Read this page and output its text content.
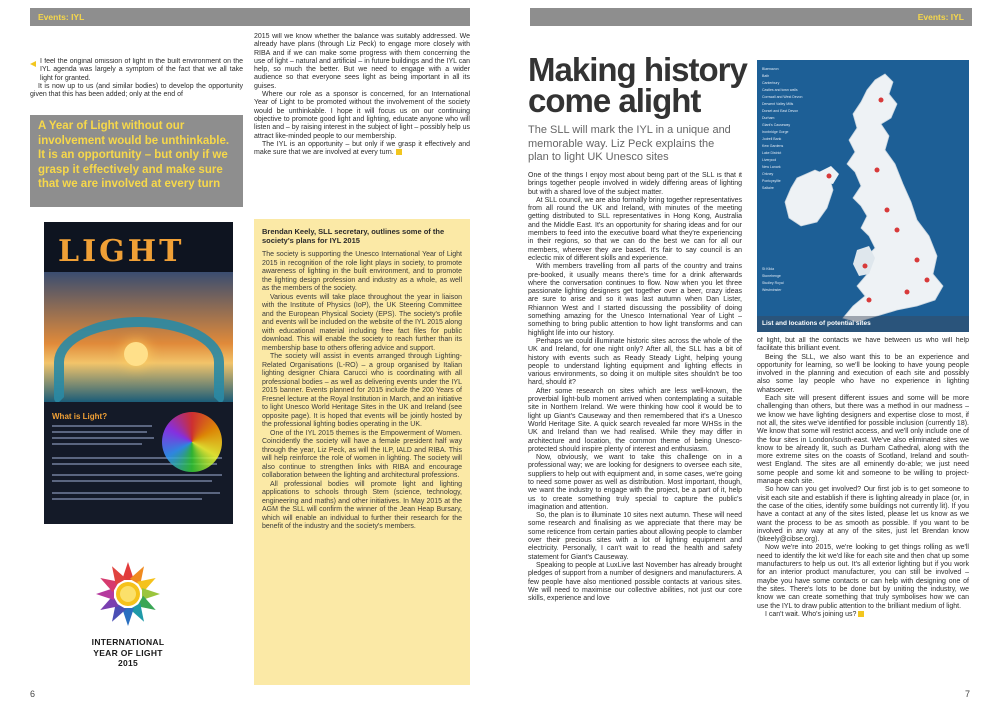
Events: IYL

I feel the original omission of light in the built environment on the IYL agenda was largely a symptom of the fact that we all take light for granted.

It is now up to us (and similar bodies) to develop the opportunity given that this has been added; only at the end of

A Year of Light without our involvement would be unthinkable. It is an opportunity – but only if we grasp it effectively and make sure that we are involved at every turn

2015 will we know whether the balance was suitably addressed. We already have plans (through Liz Peck) to engage more closely with RIBA and if we can make some progress with them concerning the use of light – natural and artificial – in future buildings and the IYL can help, so much the better. But we need to engage with a wider audience so that everyone sees light as being important in all its guises.

Where our role as a sponsor is concerned, for an International Year of Light to be promoted without the involvement of the society would be unthinkable. I hope it will focus us on our continuing objective to promote good light and lighting, educate anyone who will listen and – by raising interest in the subject of light – possibly help us attract like-minded people to our membership.

The IYL is an opportunity – but only if we grasp it effectively and make sure that we are involved at every turn.

LIGHT
What is Light?
INTERNATIONAL
YEAR OF LIGHT
2015
Brendan Keely, SLL secretary, outlines some of the society's plans for IYL 2015

The society is supporting the Unesco International Year of Light 2015 in recognition of the role light plays in society, to promote awareness of lighting in the built environment, and to promote the lighting design profession and industry as a whole, as well as the members of the society.

Various events will take place throughout the year in liaison with the Institute of Physics (IoP), the UK Steering Committee and the European Physical Society (EPS). The society's profile and events will be included on the website of the IYL 2015 along with educational material including free fact files for public download. This will enable the society to reach further than its membership base to others offering advice and support.

The society will assist in events arranged through Lighting-Related Organisations (L-RO) – a group organised by Italian lighting designer Chiara Carucci who is coordinating with all professional bodies – as well as delivering events under the IYL 2015 banner. Events planned for 2015 include the 200 Years of Fresnel lecture at the Royal Institution in March, and an initiative to light Unesco World Heritage Sites in the UK and Ireland (see opposite page). It is hoped that events will be jointly hosted by the professional lighting bodies operating in the UK.

One of the IYL 2015 themes is the Empowerment of Women. Coincidently the society will have a female president half way through the year, Liz Peck, as will the ILP, IALD and RIBA. This will help reinforce the role of women in lighting. The society will also continue to strengthen links with RIBA and encourage collaboration between the lighting and architectural professions.

All professional bodies will promote light and lighting applications to schools through Stem (science, technology, engineering and maths) and other initiatives. In May 2015 at the AGM the SLL will confirm the winner of the Jean Heap Bursary, which will enable an individual to further their research for the benefit of the industry and the society's members.

6
Events: IYL
7
Making history come alight
The SLL will mark the IYL in a unique and memorable way. Liz Peck explains the plan to light UK Unesco sites

One of the things I enjoy most about being part of the SLL is that it brings together people involved in widely differing areas of lighting but with a shared love of the subject matter.

At SLL council, we are also formally bring together representatives from all round the UK and Ireland, with minutes of the meeting getting distributed to SLL representatives in Hong Kong, Australia and the Middle East. It's an opportunity for sharing ideas and for our members to feed into the executive board what they're experiencing in their regions, so that we can do the best we can for all our members, wherever they are based. It's fair to say council is an eclectic mix of different skills and experience.

With members travelling from all parts of the country and trains pre-booked, it usually means there's time for a drink afterwards where the conversation continues to flow. Now when you let three passionate lighting designers get together over a beer, crazy ideas are sure to arise and so it was last autumn when Dan Lister, Rhiannon West and I started discussing the possibility of doing something amazing for the Unesco International Year of Light – something to bring public attention to how light transforms and can highlight life into our history.

Perhaps we could illuminate historic sites across the whole of the UK and Ireland, for one night only? After all, the SLL has a bit of history with events such as Ready Steady Light, helping young people to understand lighting equipment and lighting effects in various environments, so doing it on multiple sites shouldn't be too hard, should it?

After some research on sites which are less well-known, the proverbial light-bulb moment arrived when contemplating a suitable site in Northern Ireland. We were thinking how cool it would be to light up Giant's Causeway and then remembered that it's a Unesco World Heritage Site. A quick search revealed far more WHSs in the UK and Ireland than we had realised. While they may differ in architecture and location, the common theme of being Unesco-protected should inspire plenty of interest and enthusiasm.

Now, obviously, we want to take this challenge on in a professional way; we are looking for designers to oversee each site, suppliers to help out with equipment and, in some cases, we're going to need some power as well as distribution. Most important, though, we want the industry to engage with the project, be a part of it, help us to create something truly special to capture the public's imagination and attention.

So, the plan is to illuminate 10 sites next autumn. These will need some research and finalising as we appreciate that there may be some reticence from certain parties about allowing people to clamber over their precious sites with a lot of lighting equipment and electricity. Personally, I can't wait to read the health and safety statement for Giant's Causeway.

Speaking to people at LuxLive last November has already brought pledges of support from a number of designers and manufacturers. A few people have also mentioned possible contacts at various sites. We will need to maximise our collective abilities, not just our core skills, experience and love

Blaenavon
Bath
Canterbury
Castles and town walls
Cornwall and West Devon
Derwent Valley Mills
Dorset and East Devon
Durham
Giant's Causeway
Ironbridge Gorge
Jodrell Bank
Kew Gardens
Lake District
Liverpool
New Lanark
Orkney
Pontcysyllte
Saltaire
St Kilda
Stonehenge
Studley Royal
Westminster
List and locations of potential sites

of light, but all the contacts we have between us who will help facilitate this brilliant event.

Being the SLL, we also want this to be an experience and opportunity for learning, so we'll be looking to have young people involved in the planning and execution of each site and possibly also some lay people who have no experience in lighting whatsoever.

Each site will present different issues and some will be more challenging than others, but there was a method in our madness – we know we have lighting designers and expertise close to most, if not all, the sites we've identified for possible inclusion (currently 18). We know that some will restrict access, and we'll only include one of the four sites in London/south-east. We've also eliminated sites we know to be already lit, such as Durham Cathedral, along with the more extreme sites on the coasts of Scotland, Ireland and south-west England. The sites are all eminently do-able; we just need some people and some kit and someone to be willing to project-manage each site.

So how can you get involved? Our first job is to get someone to visit each site and establish if there is lighting already in place (or, in the case of the cities, identify some buildings not currently lit). If you have a contact at any of the sites listed, please let us know as we want the process to be as smooth as possible. If you want to be involved in any way at any of the sites, just let Brendan know (bkeely@cibse.org).

Now we're into 2015, we're looking to get things rolling as we'll need to identify the kit we'd like for each site and then chat up some manufacturers to help us out. It's all exterior lighting but if you work for an interior product manufacturer, you can still be involved – maybe you have some contacts or can help with designing one of the sites. There's lots to be done but by uniting the industry, we know we can create something that truly symbolises how we can use the IYL to draw public attention to the brilliant medium of light.

I can't wait. Who's joining us?
